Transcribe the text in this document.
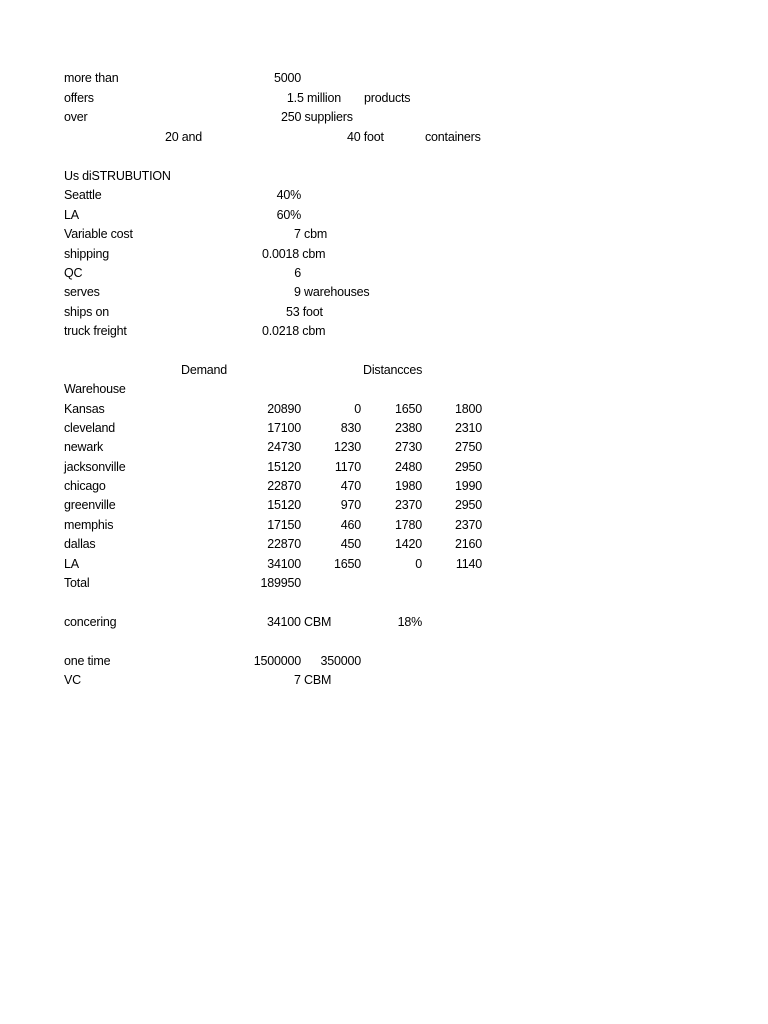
more than	5000
offers	1.5 million products
over	250 suppliers
20 and	40 foot	containers
Us diSTRUBUTION
Seattle	40%
LA	60%
Variable cost	7 cbm
shipping	0.0018 cbm
QC	6
serves	9 warehouses
ships on	53 foot
truck freight	0.0218 cbm
Demand	Distancces
Warehouse
Kansas	20890	0	1650	1800
cleveland	17100	830	2380	2310
newark	24730	1230	2730	2750
jacksonville	15120	1170	2480	2950
chicago	22870	470	1980	1990
greenville	15120	970	2370	2950
memphis	17150	460	1780	2370
dallas	22870	450	1420	2160
LA	34100	1650	0	1140
Total	189950
concering	34100 CBM	18%
one time	1500000	350000
VC	7 CBM
